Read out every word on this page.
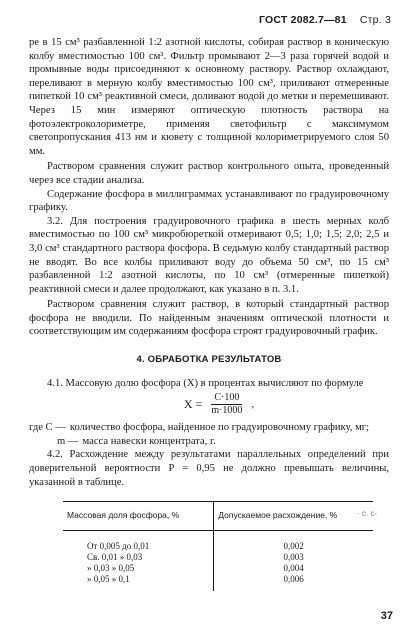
ГОСТ 2082.7—81 Стр. 3

ре в 15 см³ разбавленной 1:2 азотной кислоты, собирая раствор в коническую колбу вместимостью 100 см³. Фильтр промывают 2—3 раза горячей водой и промывные воды присоединяют к основному раствору. Раствор охлаждают, переливают в мерную колбу вместимостью 100 см³, приливают отмеренные пипеткой 10 см³ реактивной смеси, доливают водой до метки и перемешивают. Через 15 мин измеряют оптическую плотность раствора на фотоэлектроколориметре, применяя светофильтр с максимумом светопропускания 413 нм и кювету с толщиной колориметрируемого слоя 50 мм.

Раствором сравнения служит раствор контрольного опыта, проведенный через все стадии анализа.

Содержание фосфора в миллиграммах устанавливают по градуировочному графику.

3.2. Для построения градуировочного графика в шесть мерных колб вместимостью по 100 см³ микробюреткой отмеривают 0,5; 1,0; 1,5; 2,0; 2,5 и 3,0 см³ стандартного раствора фосфора. В седьмую колбу стандартный раствор не вводят. Во все колбы приливают воду до объема 50 см³, по 15 см³ разбавленной 1:2 азотной кислоты, по 10 см³ (отмеренные пипеткой) реактивной смеси и далее продолжают, как указано в п. 3.1.

Раствором сравнения служит раствор, в который стандартный раствор фосфора не вводили. По найденным значениям оптической плотности и соответствующим им содержаниям фосфора строят градуировочный график.

4. ОБРАБОТКА РЕЗУЛЬТАТОВ

4.1. Массовую долю фосфора (X) в процентах вычисляют по формуле

$X = \frac{C\cdot 100}{m\cdot 1000}$ ,
где C — количество фосфора, найденное по градуировочному графику, мг;
m — масса навески концентрата, г.

4.2. Расхождение между результатами параллельных определений при доверительной вероятности P = 0,95 не должно превышать величины, указанной в таблице.

Массовая доля фосфора, %	Допускаемое расхождение, %
От 0,005 до 0,01	0,002
Св. 0,01 » 0,03	0,003
» 0,03 » 0,05	0,004
» 0,05 » 0,1	0,006
· с. с-
37
